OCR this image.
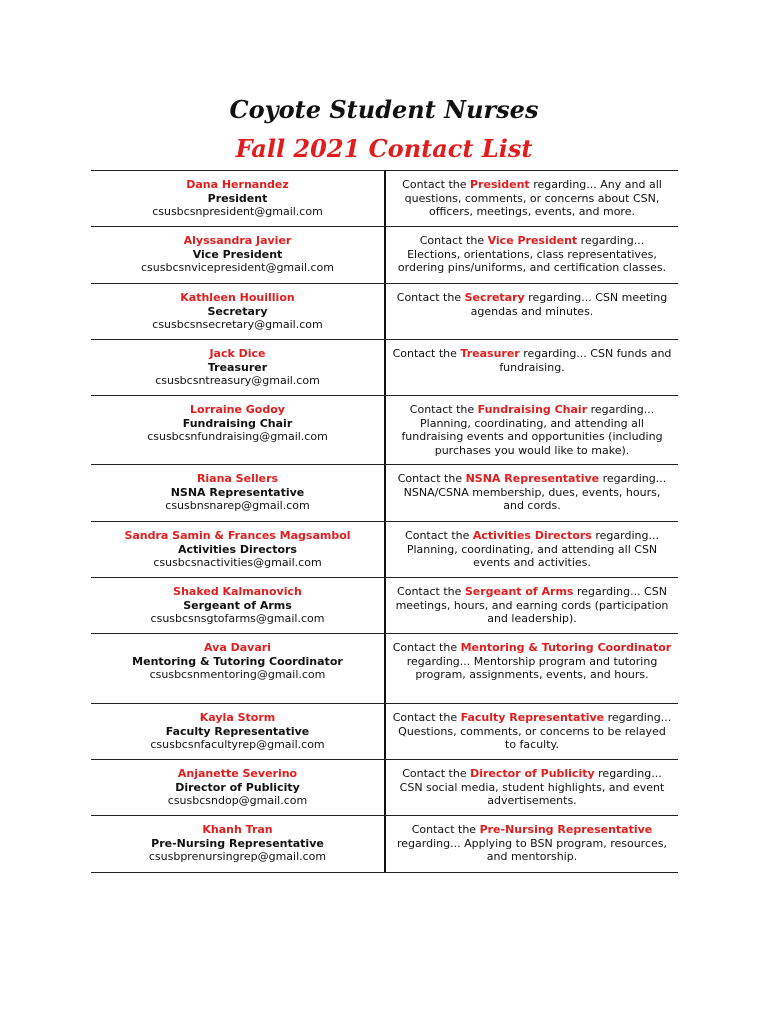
Coyote Student Nurses
Fall 2021 Contact List
Dana Hernandez
President
csusbcsnpresident@gmail.com
Contact the President regarding... Any and all questions, comments, or concerns about CSN, officers, meetings, events, and more.
Alyssandra Javier
Vice President
csusbcsnvicepresident@gmail.com
Contact the Vice President regarding... Elections, orientations, class representatives, ordering pins/uniforms, and certification classes.
Kathleen Houillion
Secretary
csusbcsnsecretary@gmail.com
Contact the Secretary regarding... CSN meeting agendas and minutes.
Jack Dice
Treasurer
csusbcsntreasury@gmail.com
Contact the Treasurer regarding... CSN funds and fundraising.
Lorraine Godoy
Fundraising Chair
csusbcsnfundraising@gmail.com
Contact the Fundraising Chair regarding... Planning, coordinating, and attending all fundraising events and opportunities (including purchases you would like to make).
Riana Sellers
NSNA Representative
csusbnsnarep@gmail.com
Contact the NSNA Representative regarding... NSNA/CSNA membership, dues, events, hours, and cords.
Sandra Samin & Frances Magsambol
Activities Directors
csusbcsnactivities@gmail.com
Contact the Activities Directors regarding... Planning, coordinating, and attending all CSN events and activities.
Shaked Kalmanovich
Sergeant of Arms
csusbcsnsgtofarms@gmail.com
Contact the Sergeant of Arms regarding... CSN meetings, hours, and earning cords (participation and leadership).
Ava Davari
Mentoring & Tutoring Coordinator
csusbcsnmentoring@gmail.com
Contact the Mentoring & Tutoring Coordinator regarding... Mentorship program and tutoring program, assignments, events, and hours.
Kayla Storm
Faculty Representative
csusbcsnfacultyrep@gmail.com
Contact the Faculty Representative regarding... Questions, comments, or concerns to be relayed to faculty.
Anjanette Severino
Director of Publicity
csusbcsndop@gmail.com
Contact the Director of Publicity regarding... CSN social media, student highlights, and event advertisements.
Khanh Tran
Pre-Nursing Representative
csusbprenursingrep@gmail.com
Contact the Pre-Nursing Representative regarding... Applying to BSN program, resources, and mentorship.
